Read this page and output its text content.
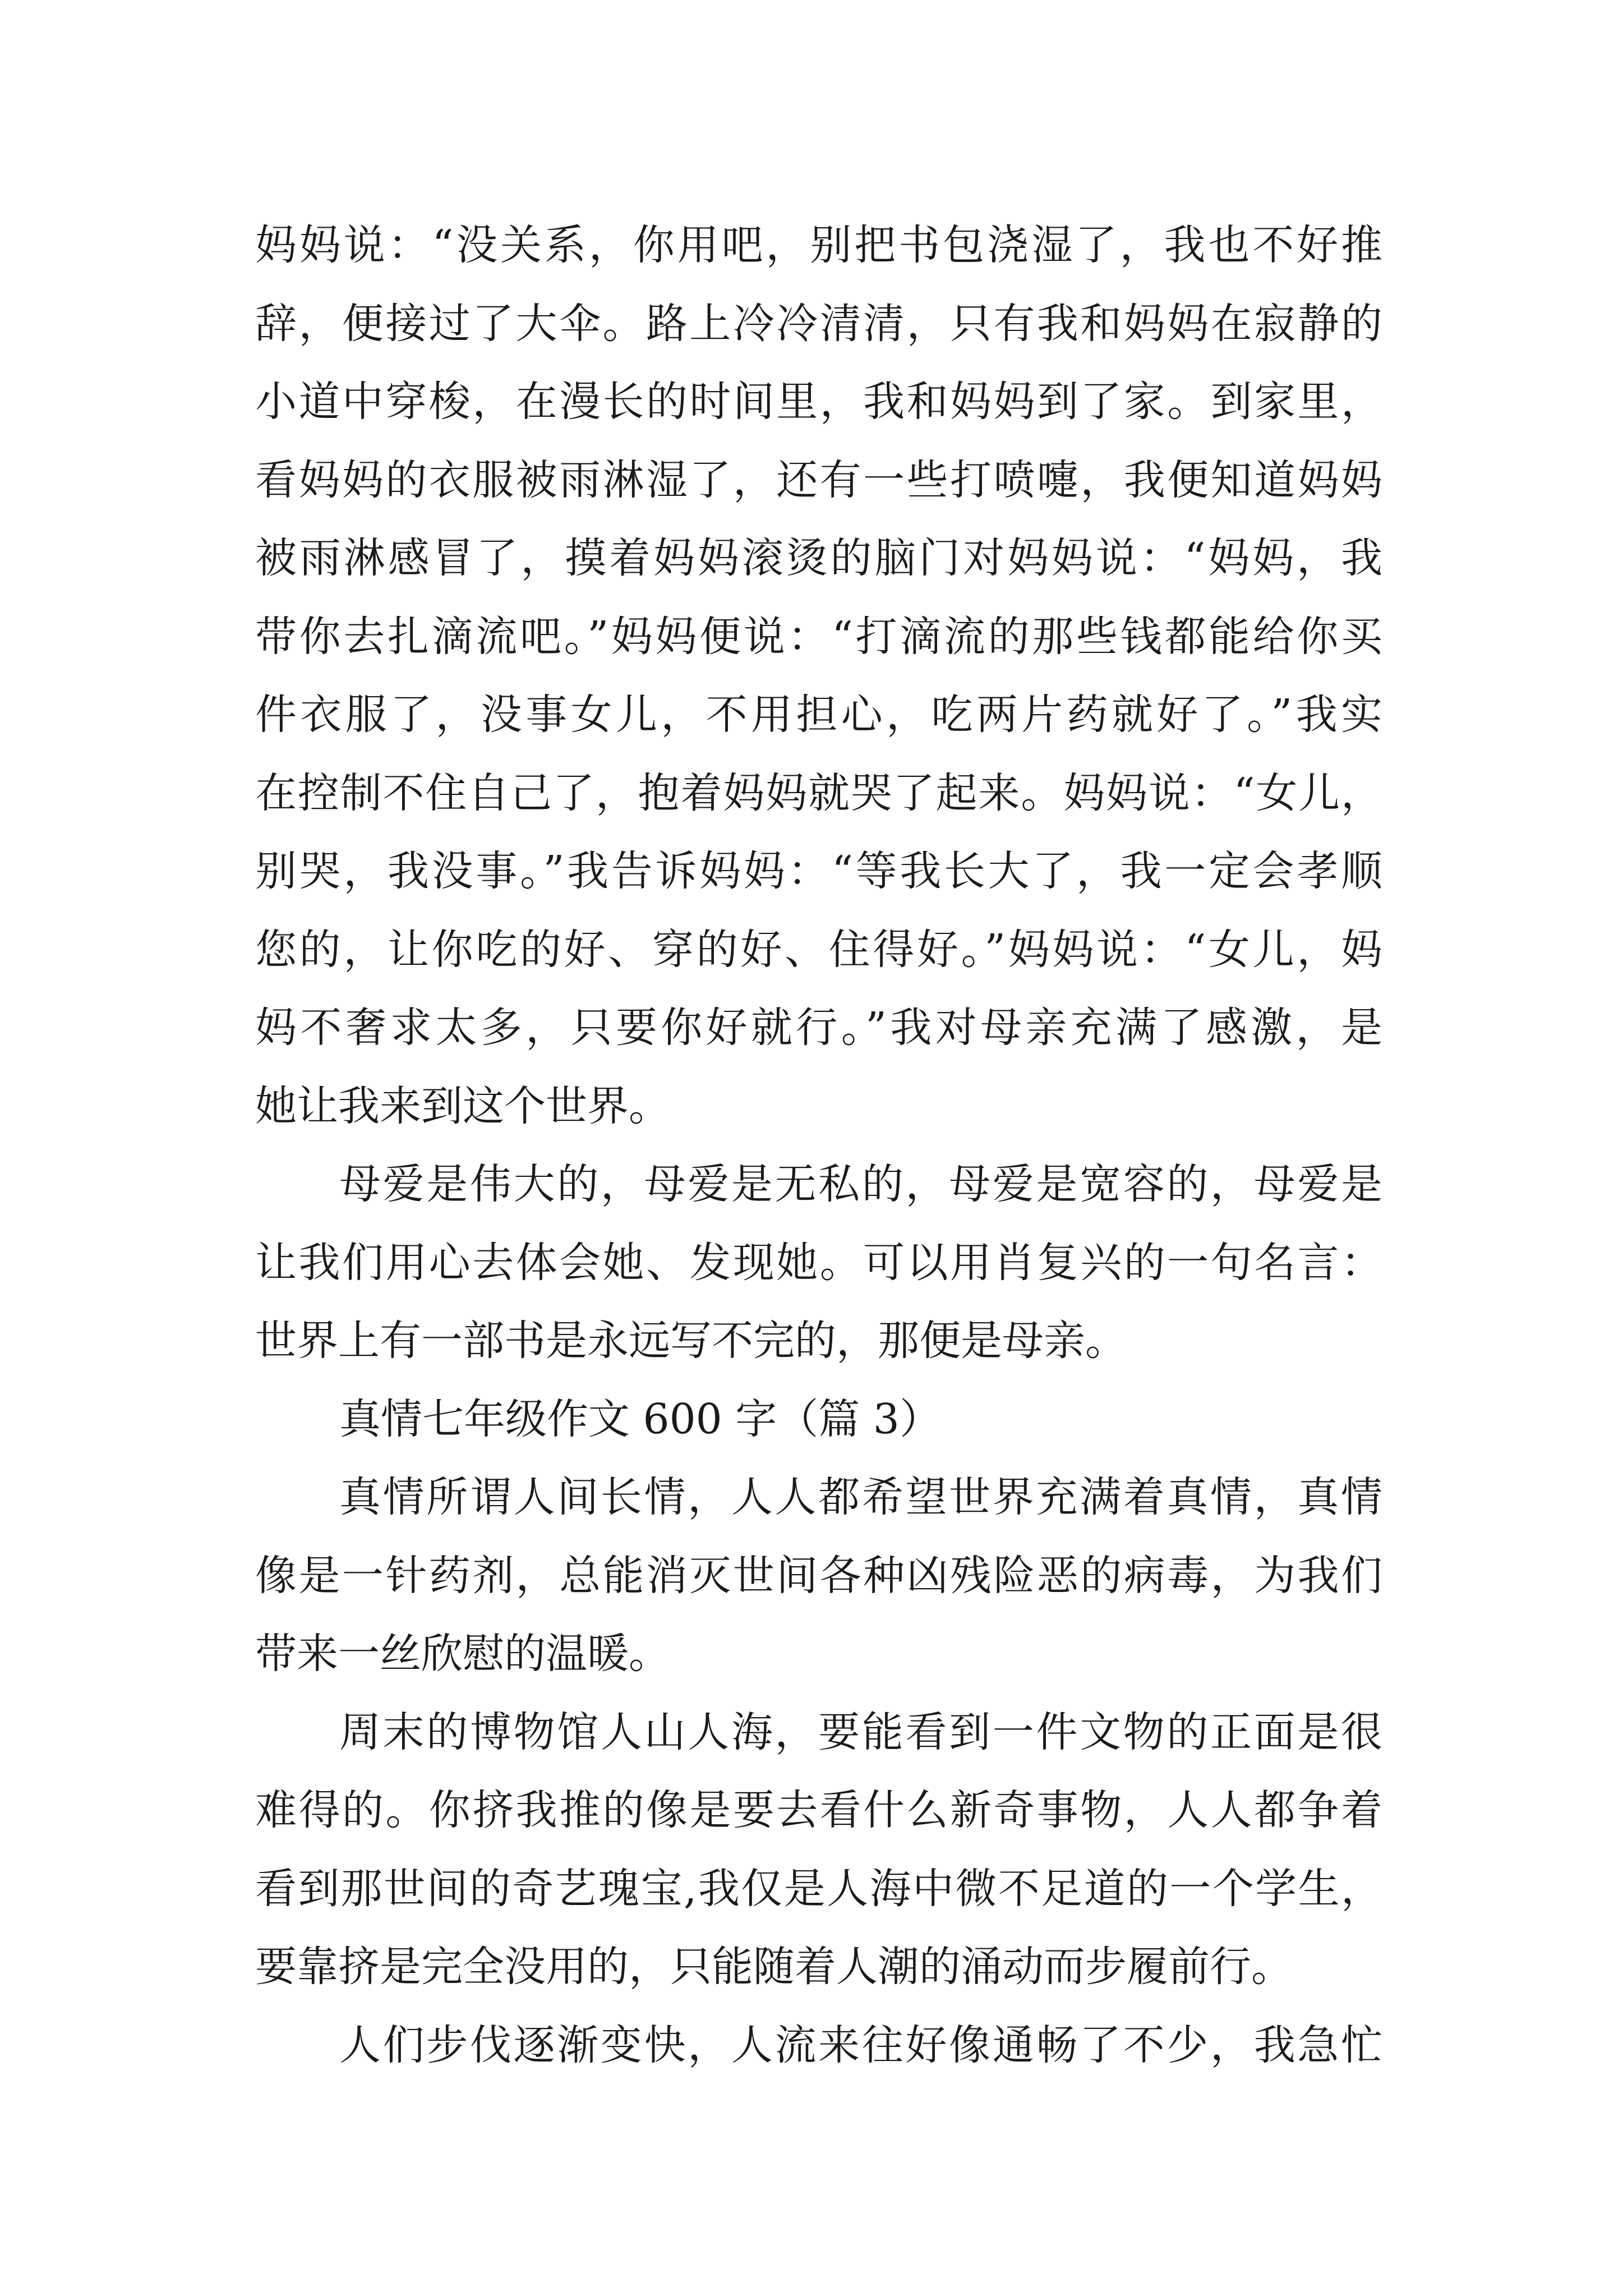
妈妈说：“没关系，你用吧，别把书包浇湿了，我也不好推
辞，便接过了大伞。路上冷冷清清，只有我和妈妈在寂静的
小道中穿梭，在漫长的时间里，我和妈妈到了家。到家里，
看妈妈的衣服被雨淋湿了，还有一些打喷嚏，我便知道妈妈
被雨淋感冒了，摸着妈妈滚烫的脑门对妈妈说：“妈妈，我
带你去扎滴流吧。”妈妈便说：“打滴流的那些钱都能给你买
件衣服了，没事女儿，不用担心，吃两片药就好了。”我实
在控制不住自己了，抱着妈妈就哭了起来。妈妈说：“女儿，
别哭，我没事。”我告诉妈妈：“等我长大了，我一定会孝顺
您的，让你吃的好、穿的好、住得好。”妈妈说：“女儿，妈
妈不奢求太多，只要你好就行。”我对母亲充满了感激，是
她让我来到这个世界。
母爱是伟大的，母爱是无私的，母爱是宽容的，母爱是
让我们用心去体会她、发现她。可以用肖复兴的一句名言：
世界上有一部书是永远写不完的，那便是母亲。
真情七年级作文 600 字（篇 3）
真情所谓人间长情，人人都希望世界充满着真情，真情
像是一针药剂，总能消灭世间各种凶残险恶的病毒，为我们
带来一丝欣慰的温暖。
周末的博物馆人山人海，要能看到一件文物的正面是很
难得的。你挤我推的像是要去看什么新奇事物，人人都争着
看到那世间的奇艺瑰宝,我仅是人海中微不足道的一个学生，
要靠挤是完全没用的，只能随着人潮的涌动而步履前行。
人们步伐逐渐变快，人流来往好像通畅了不少，我急忙
